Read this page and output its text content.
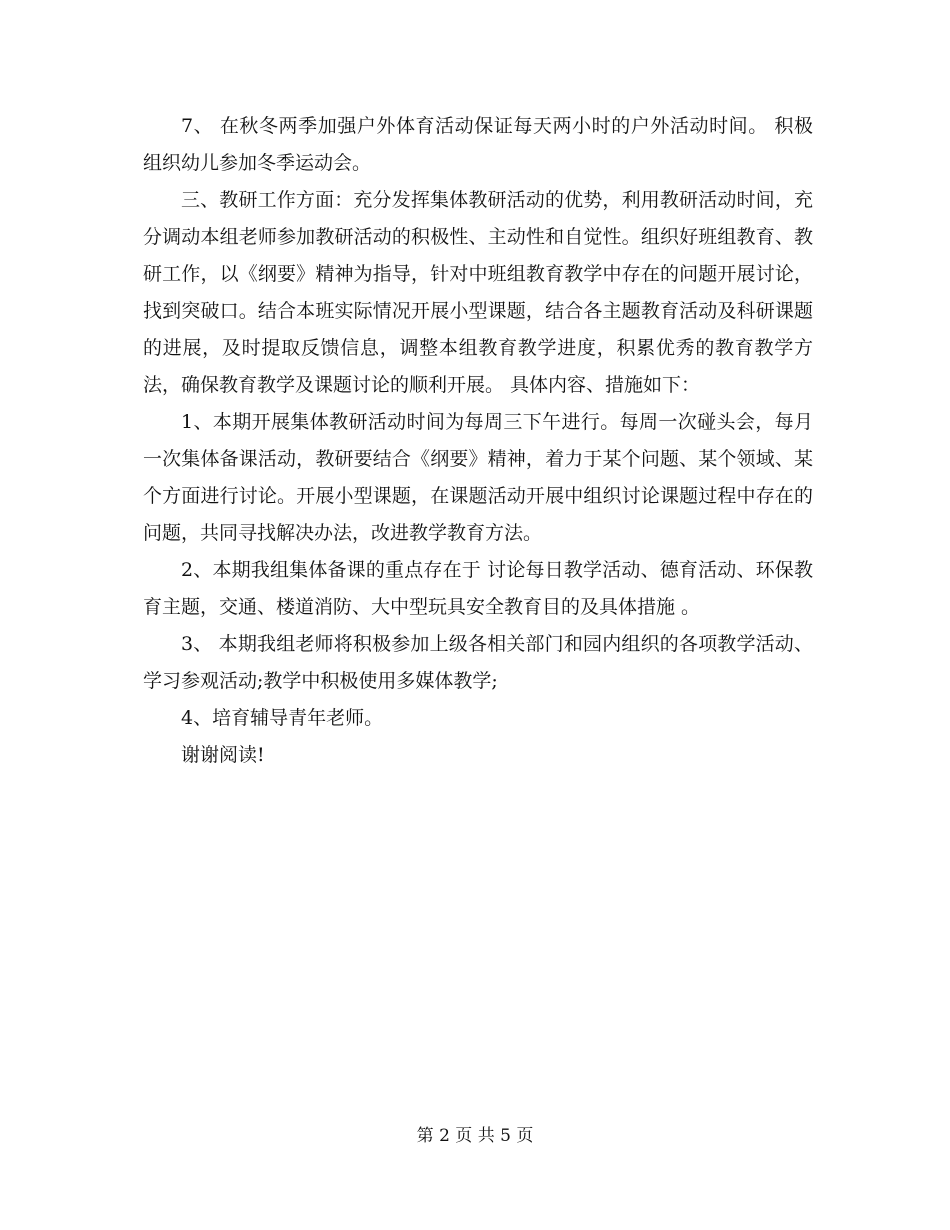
7、 在秋冬两季加强户外体育活动保证每天两小时的户外活动时间。 积极组织幼儿参加冬季运动会。

三、教研工作方面：充分发挥集体教研活动的优势，利用教研活动时间，充分调动本组老师参加教研活动的积极性、主动性和自觉性。组织好班组教育、教研工作，以《纲要》精神为指导，针对中班组教育教学中存在的问题开展讨论，找到突破口。结合本班实际情况开展小型课题，结合各主题教育活动及科研课题的进展，及时提取反馈信息，调整本组教育教学进度，积累优秀的教育教学方法，确保教育教学及课题讨论的顺利开展。 具体内容、措施如下：

1、本期开展集体教研活动时间为每周三下午进行。每周一次碰头会，每月一次集体备课活动，教研要结合《纲要》精神，着力于某个问题、某个领域、某个方面进行讨论。开展小型课题，在课题活动开展中组织讨论课题过程中存在的问题，共同寻找解决办法，改进教学教育方法。

2、本期我组集体备课的重点存在于 讨论每日教学活动、德育活动、环保教育主题，交通、楼道消防、大中型玩具安全教育目的及具体措施 。

3、 本期我组老师将积极参加上级各相关部门和园内组织的各项教学活动、学习参观活动;教学中积极使用多媒体教学;

4、培育辅导青年老师。

谢谢阅读!

第 2 页 共 5 页
